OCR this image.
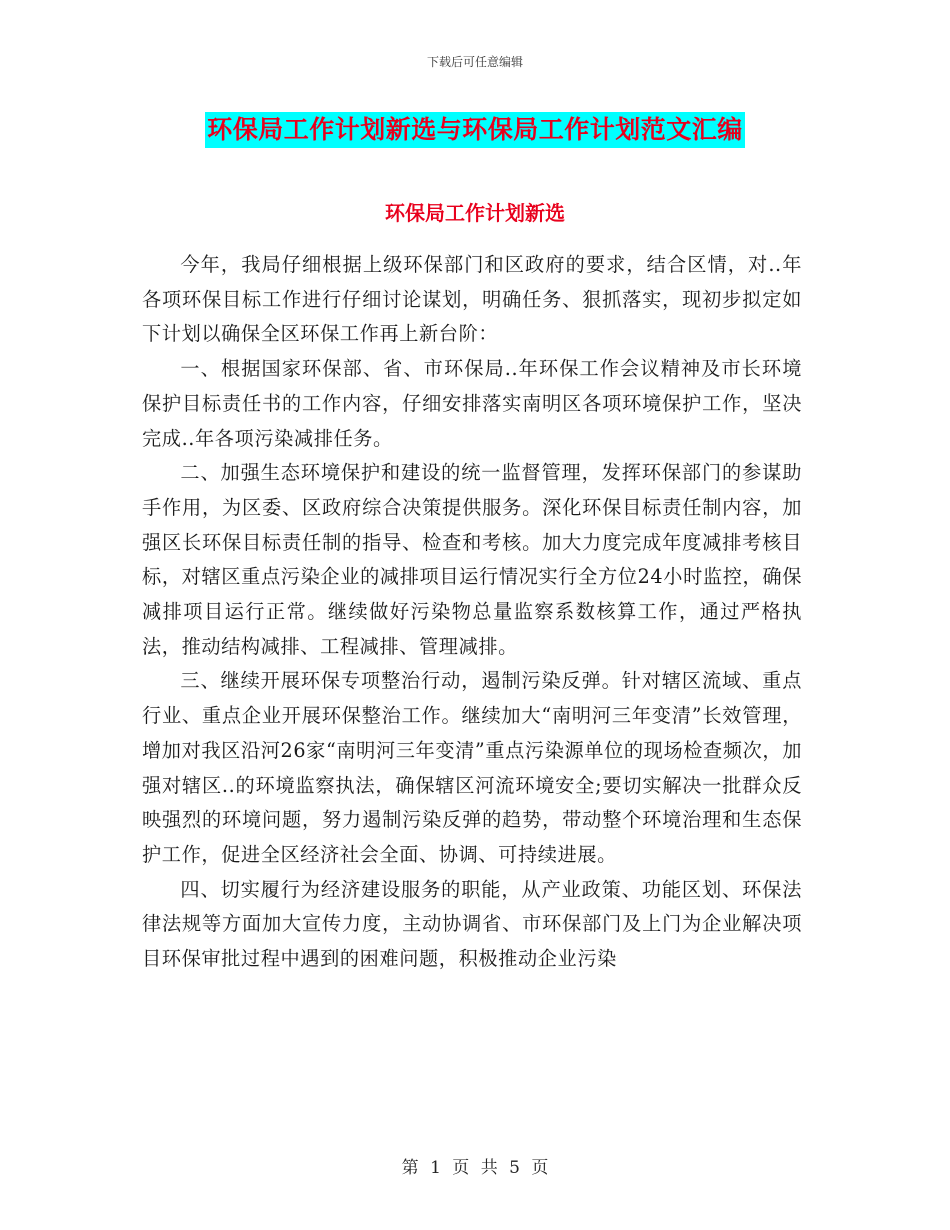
下载后可任意编辑
环保局工作计划新选与环保局工作计划范文汇编
环保局工作计划新选

今年，我局仔细根据上级环保部门和区政府的要求，结合区情，对..年各项环保目标工作进行仔细讨论谋划，明确任务、狠抓落实，现初步拟定如下计划以确保全区环保工作再上新台阶：

一、根据国家环保部、省、市环保局..年环保工作会议精神及市长环境保护目标责任书的工作内容，仔细安排落实南明区各项环境保护工作，坚决完成..年各项污染减排任务。

二、加强生态环境保护和建设的统一监督管理，发挥环保部门的参谋助手作用，为区委、区政府综合决策提供服务。深化环保目标责任制内容，加强区长环保目标责任制的指导、检查和考核。加大力度完成年度减排考核目标，对辖区重点污染企业的减排项目运行情况实行全方位24小时监控，确保减排项目运行正常。继续做好污染物总量监察系数核算工作，通过严格执法，推动结构减排、工程减排、管理减排。

三、继续开展环保专项整治行动，遏制污染反弹。针对辖区流域、重点行业、重点企业开展环保整治工作。继续加大“南明河三年变清”长效管理，增加对我区沿河26家“南明河三年变清”重点污染源单位的现场检查频次，加强对辖区..的环境监察执法，确保辖区河流环境安全;要切实解决一批群众反映强烈的环境问题，努力遏制污染反弹的趋势，带动整个环境治理和生态保护工作，促进全区经济社会全面、协调、可持续进展。

四、切实履行为经济建设服务的职能，从产业政策、功能区划、环保法律法规等方面加大宣传力度，主动协调省、市环保部门及上门为企业解决项目环保审批过程中遇到的困难问题，积极推动企业污染

第 1 页 共 5 页
